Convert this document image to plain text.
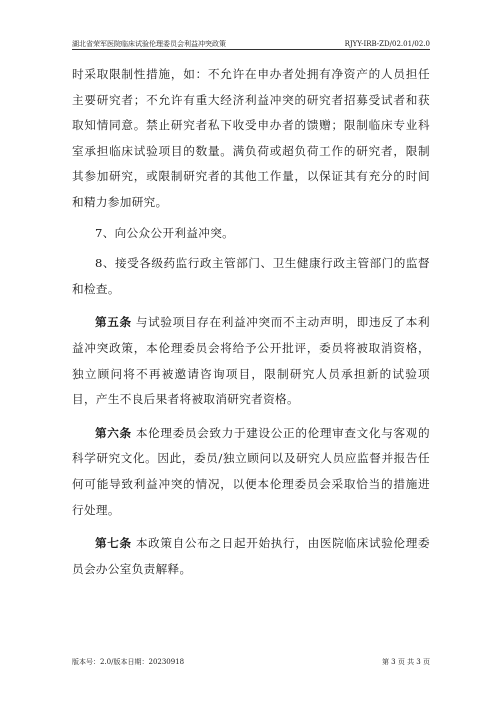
湖北省荣军医院临床试验伦理委员会利益冲突政策	RJYY-IRB-ZD/02.01/02.0

时采取限制性措施，如：不允许在申办者处拥有净资产的人员担任主要研究者；不允许有重大经济利益冲突的研究者招募受试者和获取知情同意。禁止研究者私下收受申办者的馈赠；限制临床专业科室承担临床试验项目的数量。满负荷或超负荷工作的研究者，限制其参加研究，或限制研究者的其他工作量，以保证其有充分的时间和精力参加研究。

7、向公众公开利益冲突。

8、接受各级药监行政主管部门、卫生健康行政主管部门的监督和检查。

第五条 与试验项目存在利益冲突而不主动声明，即违反了本利益冲突政策，本伦理委员会将给予公开批评，委员将被取消资格，独立顾问将不再被邀请咨询项目，限制研究人员承担新的试验项目，产生不良后果者将被取消研究者资格。

第六条 本伦理委员会致力于建设公正的伦理审查文化与客观的科学研究文化。因此，委员/独立顾问以及研究人员应监督并报告任何可能导致利益冲突的情况，以便本伦理委员会采取恰当的措施进行处理。

第七条 本政策自公布之日起开始执行，由医院临床试验伦理委员会办公室负责解释。

版本号：2.0/版本日期：20230918	第 3 页 共 3 页
